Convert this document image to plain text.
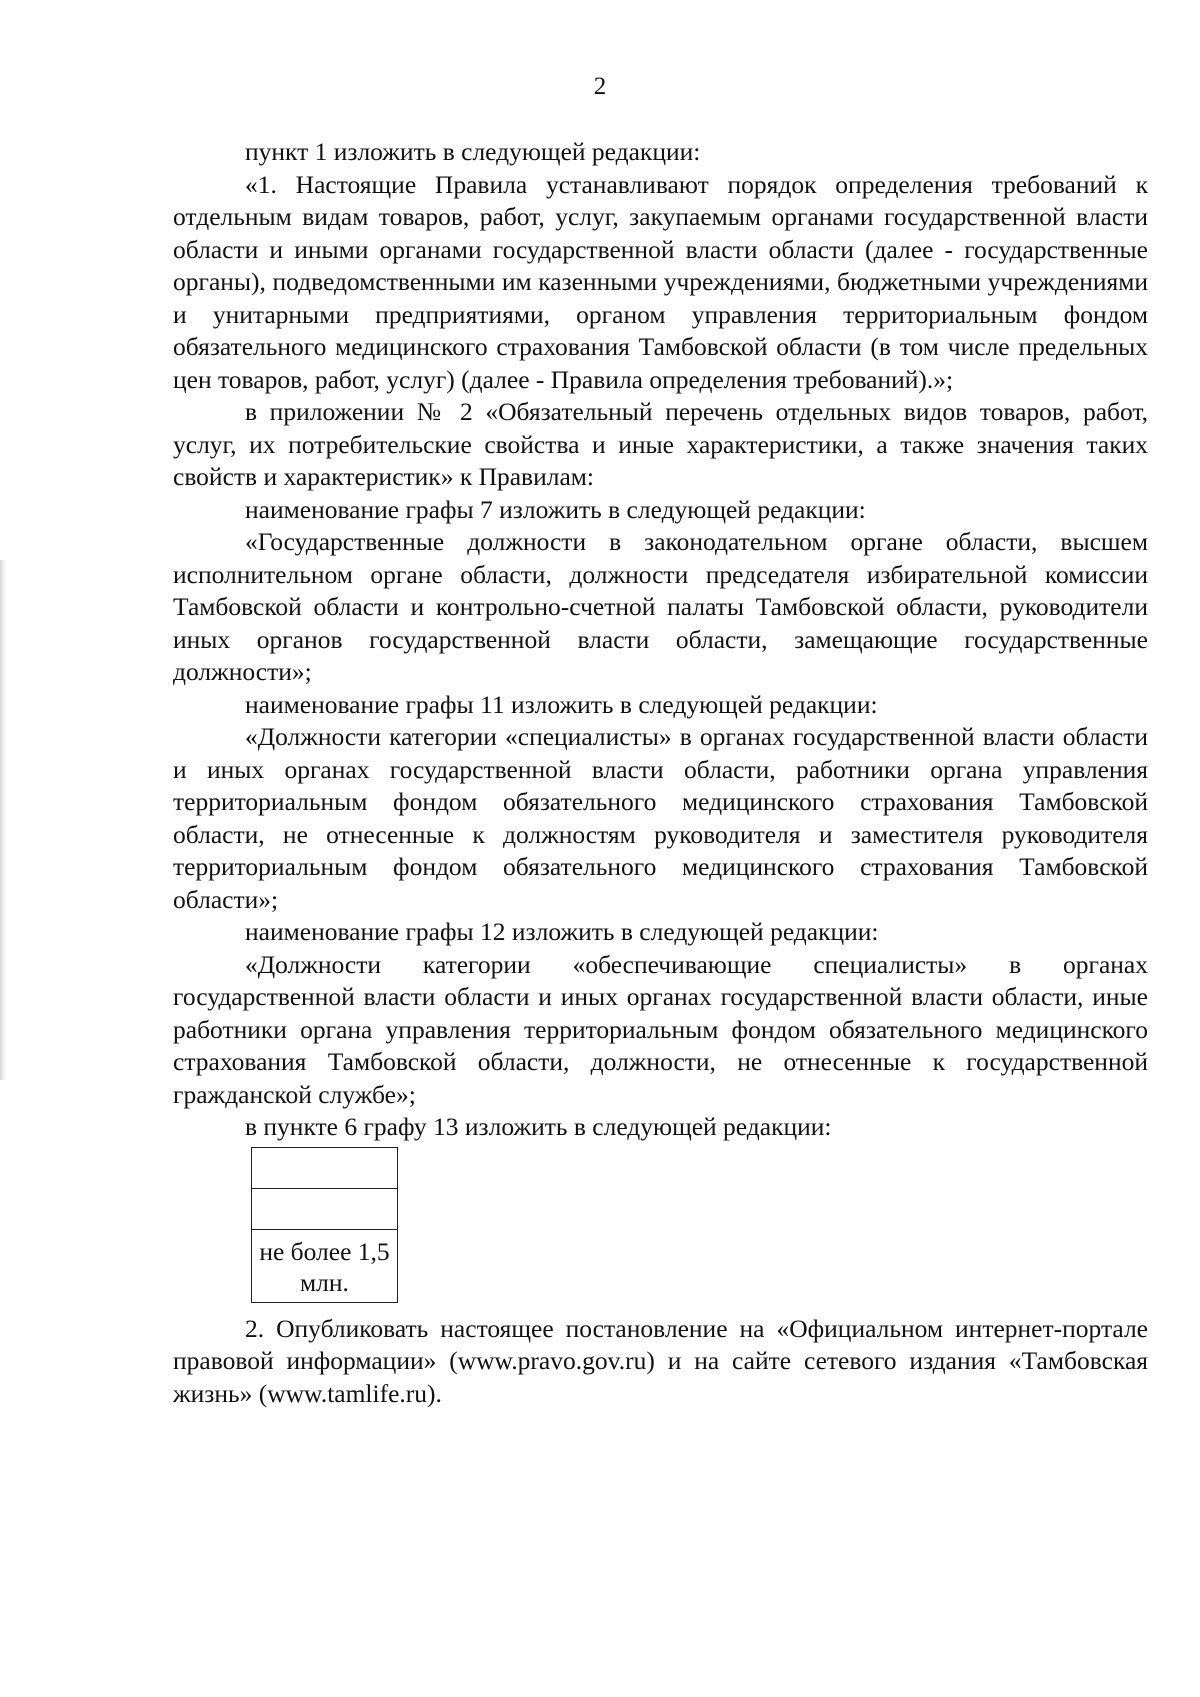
2

пункт 1 изложить в следующей редакции:

«1. Настоящие Правила устанавливают порядок определения требований к отдельным видам товаров, работ, услуг, закупаемым органами государственной власти области и иными органами государственной власти области (далее - государственные органы), подведомственными им казенными учреждениями, бюджетными учреждениями и унитарными предприятиями, органом управления территориальным фондом обязательного медицинского страхования Тамбовской области (в том числе предельных цен товаров, работ, услуг) (далее - Правила определения требований).»;

в приложении № 2 «Обязательный перечень отдельных видов товаров, работ, услуг, их потребительские свойства и иные характеристики, а также значения таких свойств и характеристик» к Правилам:

наименование графы 7 изложить в следующей редакции:

«Государственные должности в законодательном органе области, высшем исполнительном органе области, должности председателя избирательной комиссии Тамбовской области и контрольно-счетной палаты Тамбовской области, руководители иных органов государственной власти области, замещающие государственные должности»;

наименование графы 11 изложить в следующей редакции:

«Должности категории «специалисты» в органах государственной власти области и иных органах государственной власти области, работники органа управления территориальным фондом обязательного медицинского страхования Тамбовской области, не отнесенные к должностям руководителя и заместителя руководителя территориальным фондом обязательного медицинского страхования Тамбовской области»;

наименование графы 12 изложить в следующей редакции:

«Должности категории «обеспечивающие специалисты» в органах государственной власти области и иных органах государственной власти области, иные работники органа управления территориальным фондом обязательного медицинского страхования Тамбовской области, должности, не отнесенные к государственной гражданской службе»;

в пункте 6 графу 13 изложить в следующей редакции:

не более 1,5 млн.

2. Опубликовать настоящее постановление на «Официальном интернет-портале правовой информации» (www.pravo.gov.ru) и на сайте сетевого издания «Тамбовская жизнь» (www.tamlife.ru).
